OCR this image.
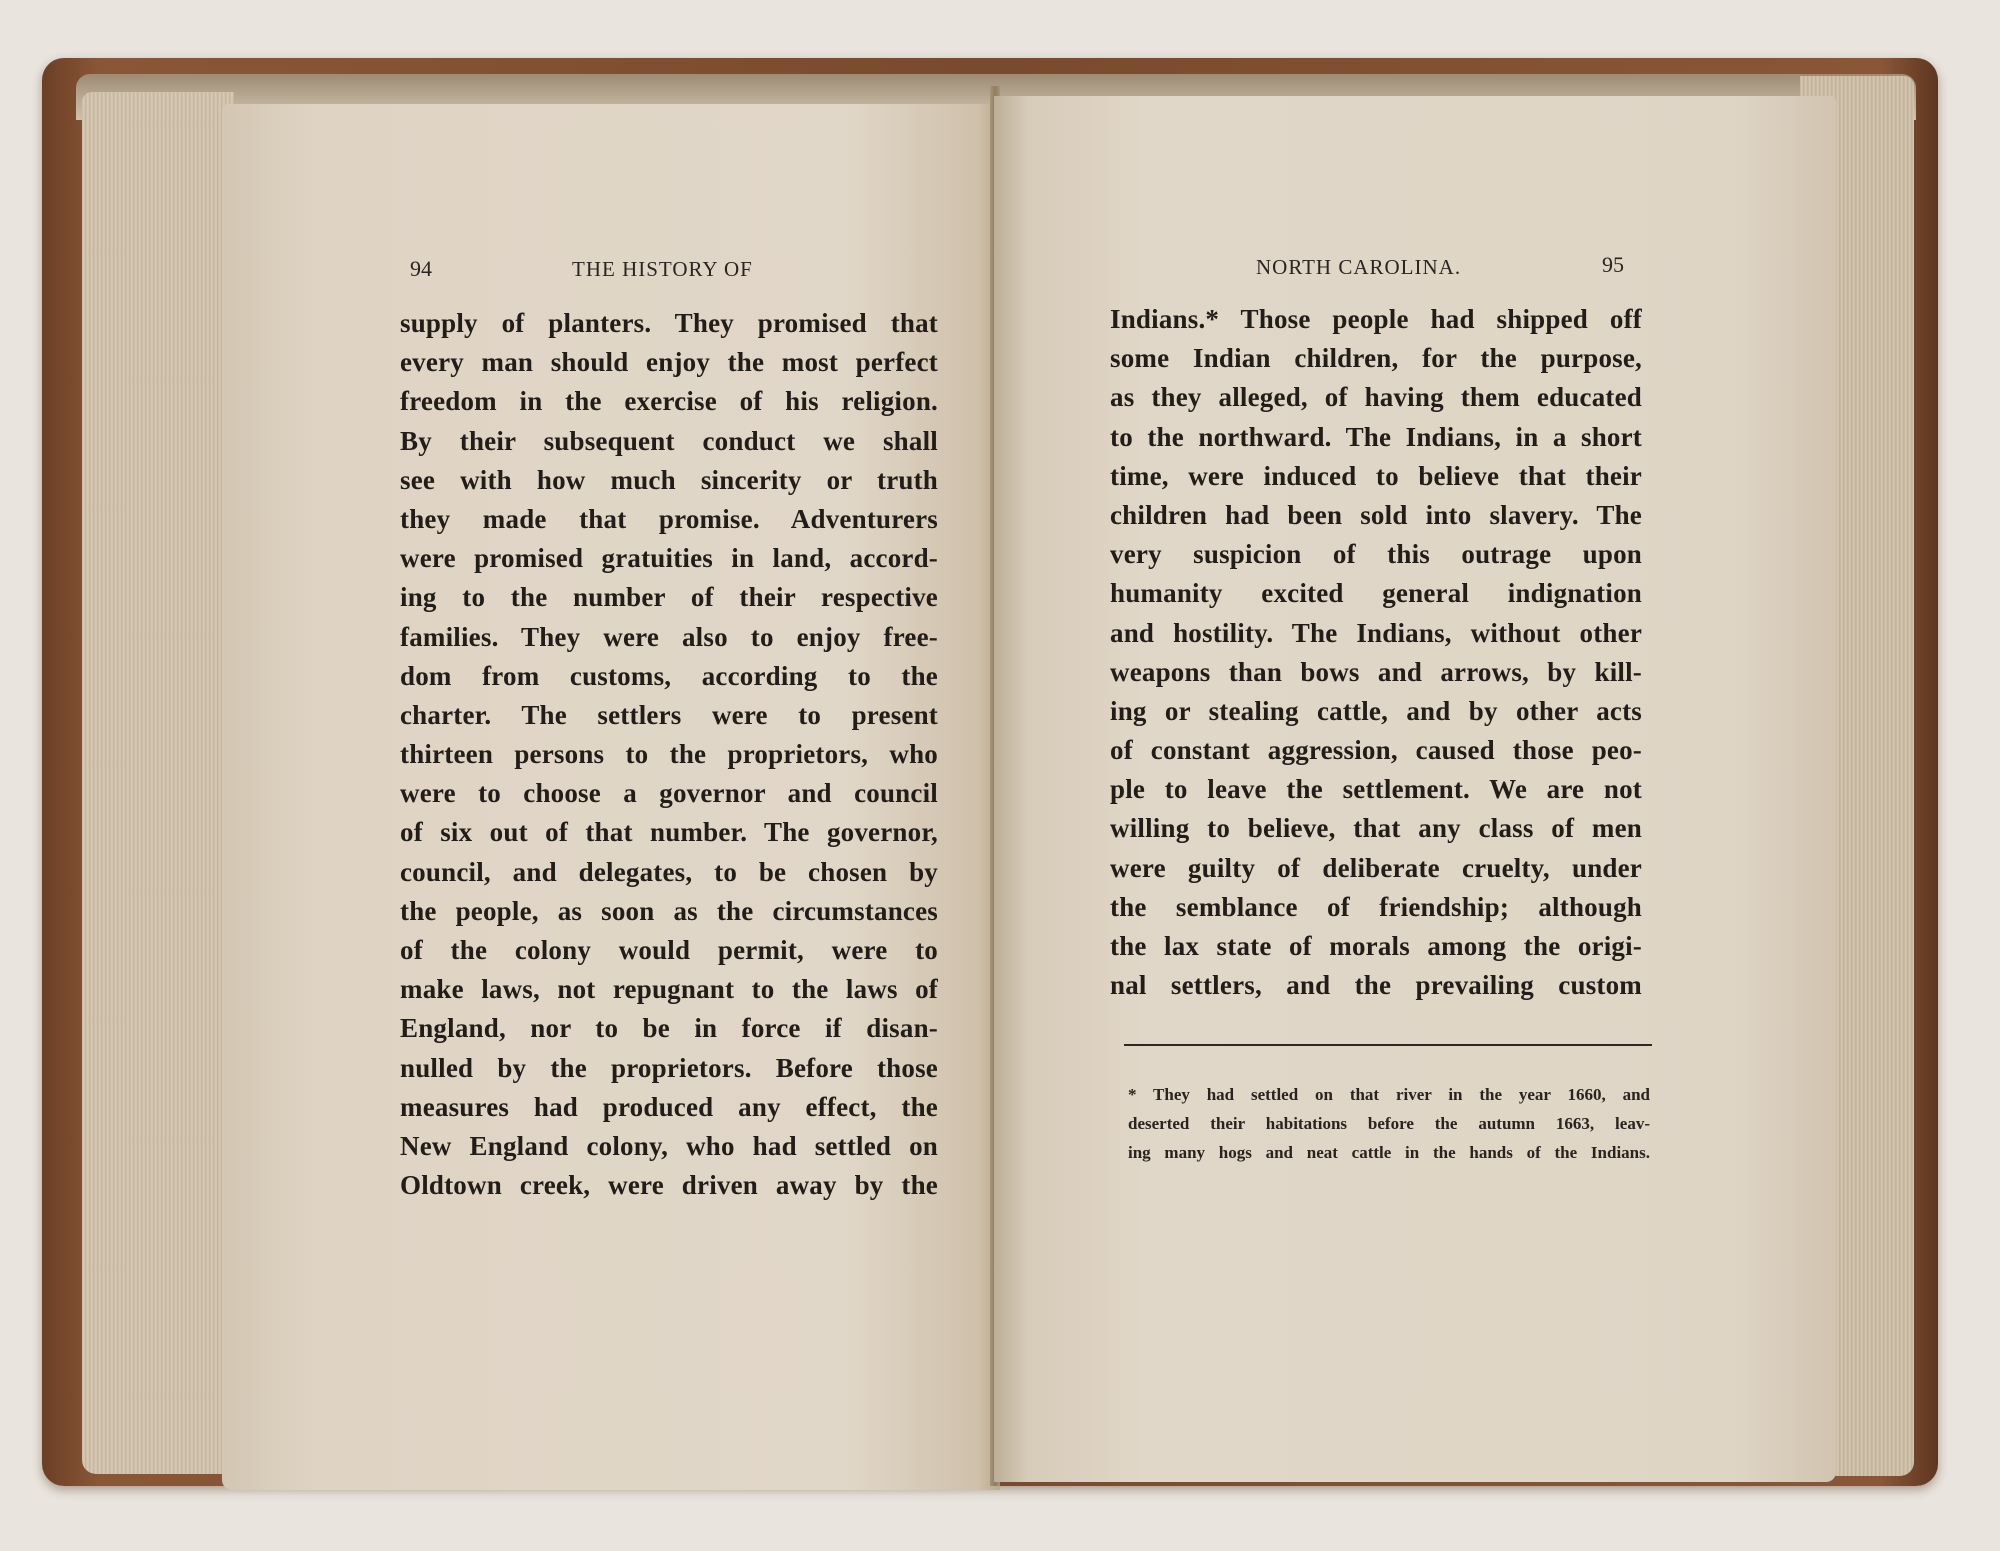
94	THE HISTORY OF
supply of planters. They promised that
every man should enjoy the most perfect
freedom in the exercise of his religion.
By their subsequent conduct we shall
see with how much sincerity or truth
they made that promise. Adventurers
were promised gratuities in land, accord-
ing to the number of their respective
families. They were also to enjoy free-
dom from customs, according to the
charter. The settlers were to present
thirteen persons to the proprietors, who
were to choose a governor and council
of six out of that number. The governor,
council, and delegates, to be chosen by
the people, as soon as the circumstances
of the colony would permit, were to
make laws, not repugnant to the laws of
England, nor to be in force if disan-
nulled by the proprietors. Before those
measures had produced any effect, the
New England colony, who had settled on
Oldtown creek, were driven away by the
NORTH CAROLINA.	95
Indians.* Those people had shipped off
some Indian children, for the purpose,
as they alleged, of having them educated
to the northward. The Indians, in a short
time, were induced to believe that their
children had been sold into slavery. The
very suspicion of this outrage upon
humanity excited general indignation
and hostility. The Indians, without other
weapons than bows and arrows, by kill-
ing or stealing cattle, and by other acts
of constant aggression, caused those peo-
ple to leave the settlement. We are not
willing to believe, that any class of men
were guilty of deliberate cruelty, under
the semblance of friendship; although
the lax state of morals among the origi-
nal settlers, and the prevailing custom
* They had settled on that river in the year 1660, and
deserted their habitations before the autumn 1663, leav-
ing many hogs and neat cattle in the hands of the Indians.
